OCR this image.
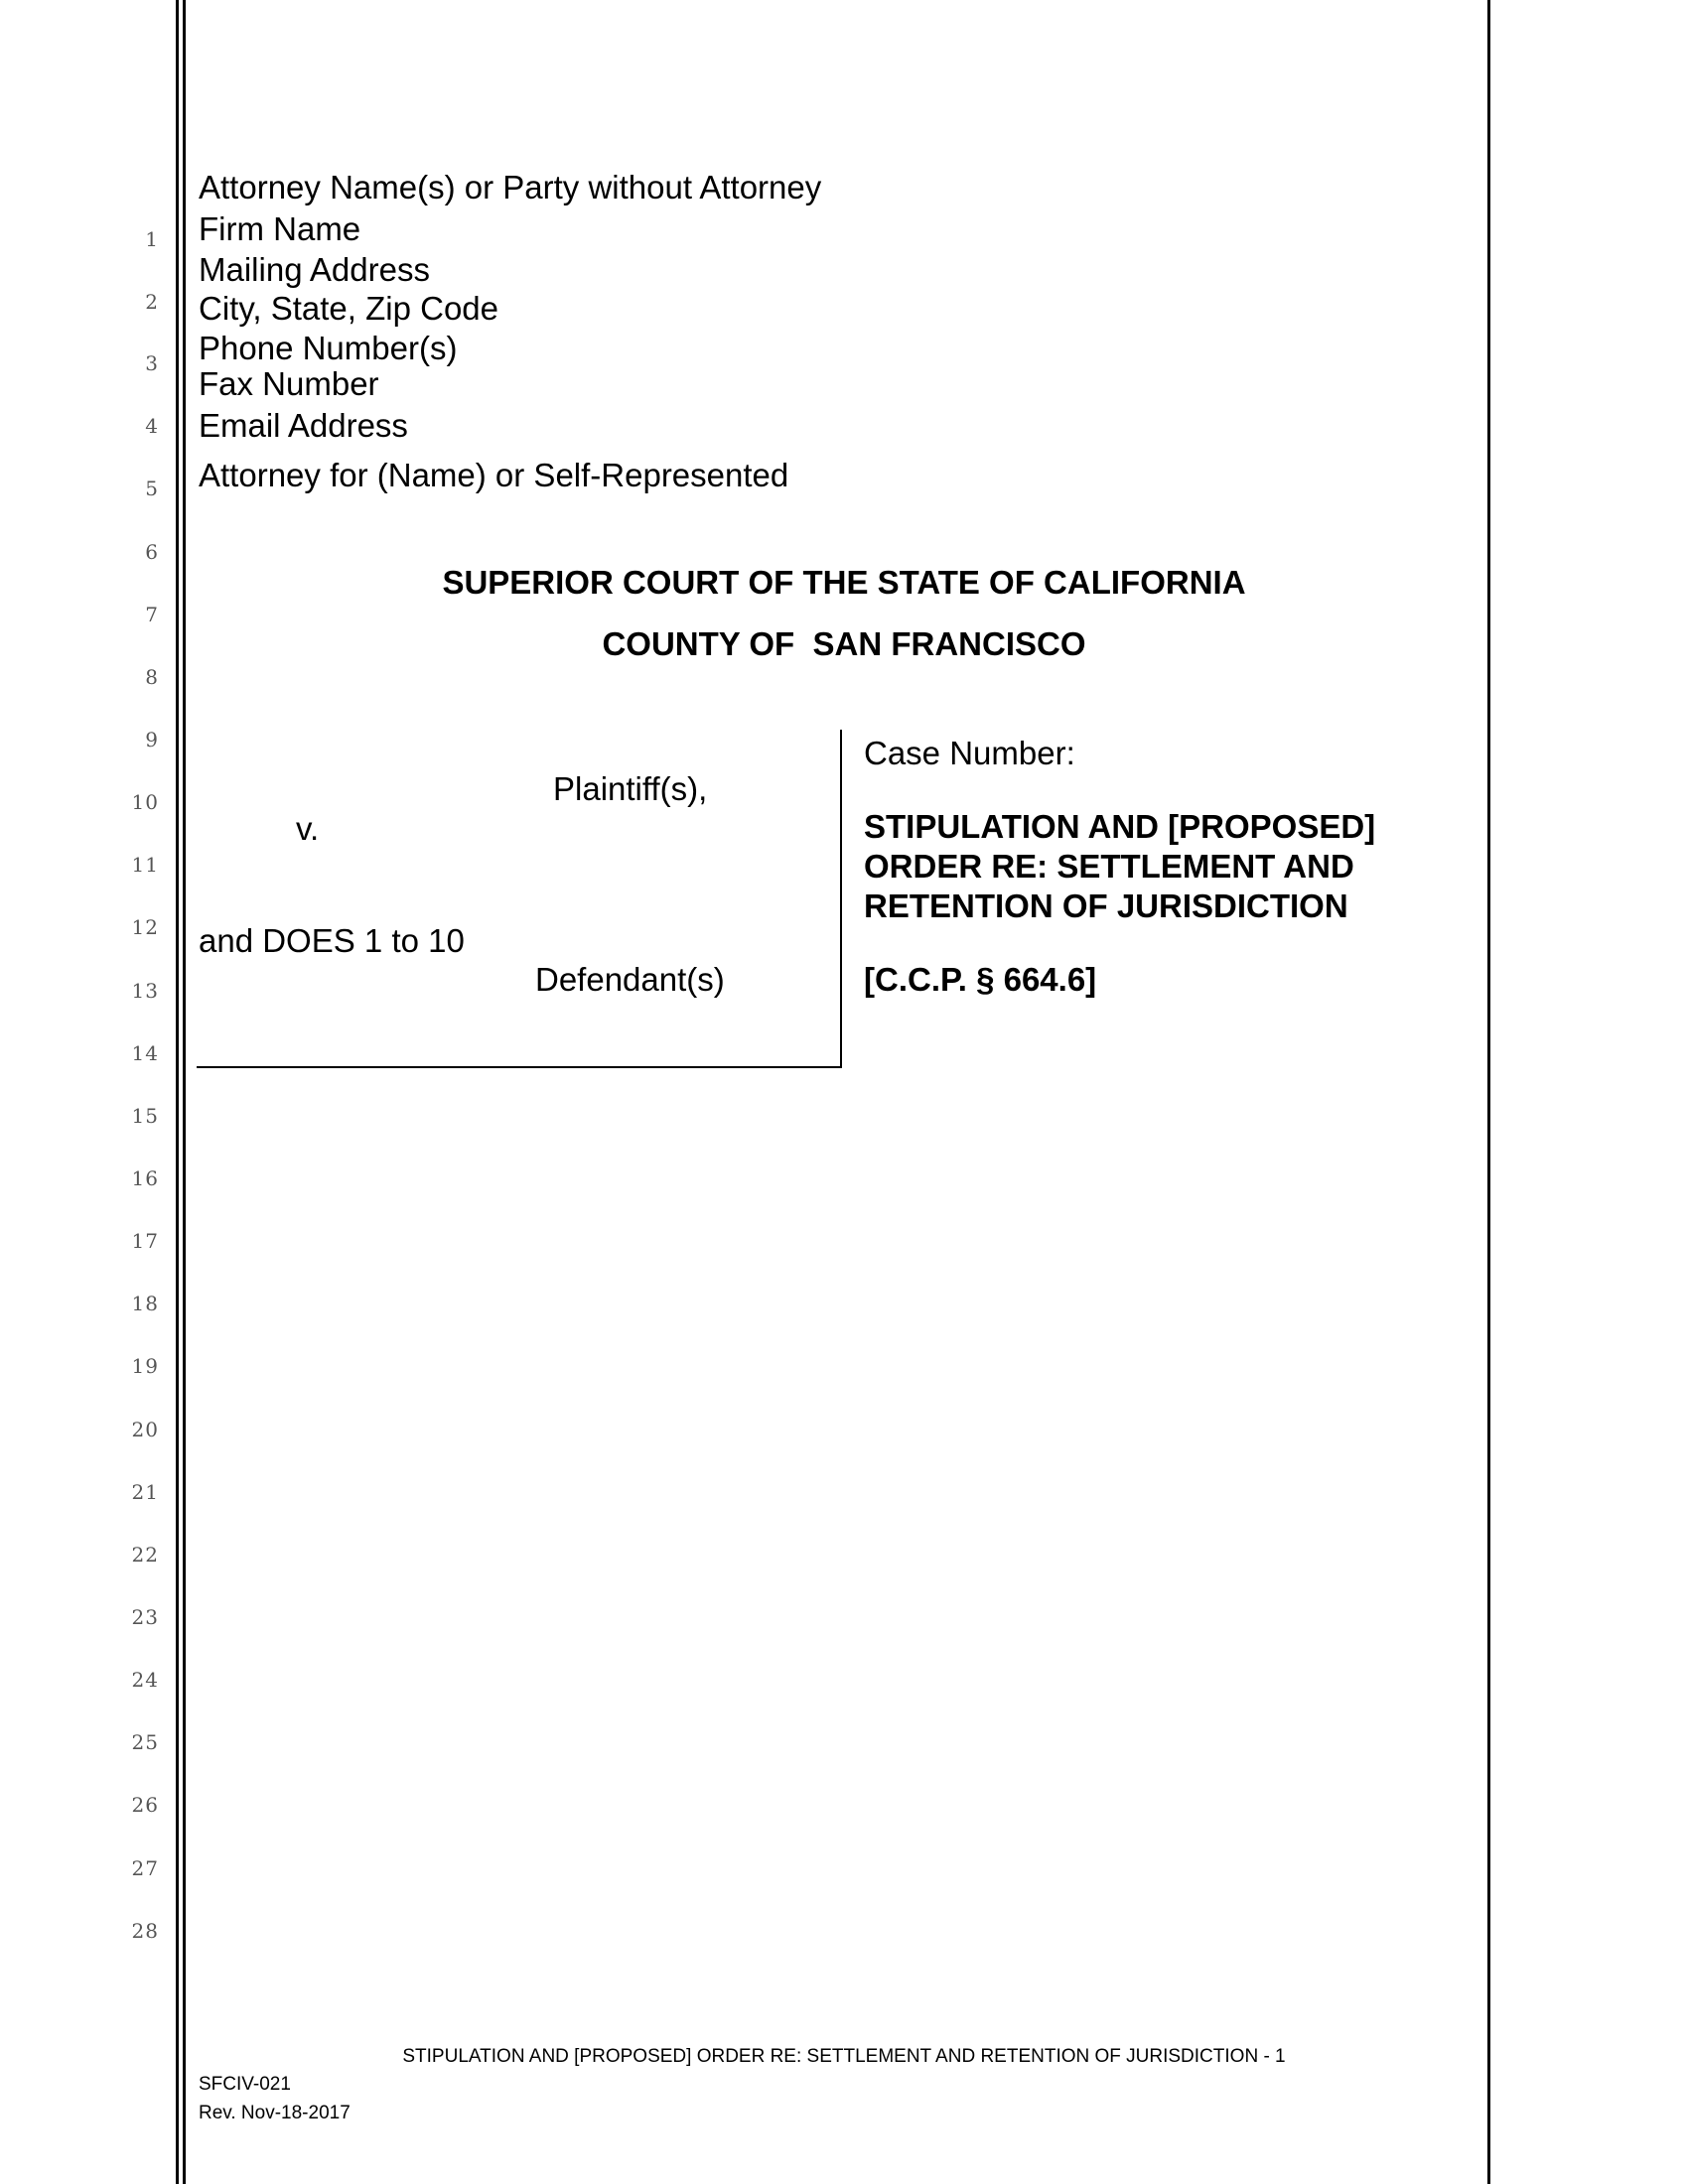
1
2
3
4
5
6
7
8
9
10
11
12
13
14
15
16
17
18
19
20
21
22
23
24
25
26
27
28
Attorney Name(s) or Party without Attorney
Firm Name
Mailing Address
City, State, Zip Code
Phone Number(s)
Fax Number
Email Address
Attorney for (Name) or Self-Represented
SUPERIOR COURT OF THE STATE OF CALIFORNIA
COUNTY OF  SAN FRANCISCO
Plaintiff(s),
v.
and DOES 1 to 10
Defendant(s)
Case Number:
STIPULATION AND [PROPOSED]
ORDER RE: SETTLEMENT AND
RETENTION OF JURISDICTION
[C.C.P. § 664.6]
STIPULATION AND [PROPOSED] ORDER RE: SETTLEMENT AND RETENTION OF JURISDICTION - 1
SFCIV-021
Rev. Nov-18-2017
